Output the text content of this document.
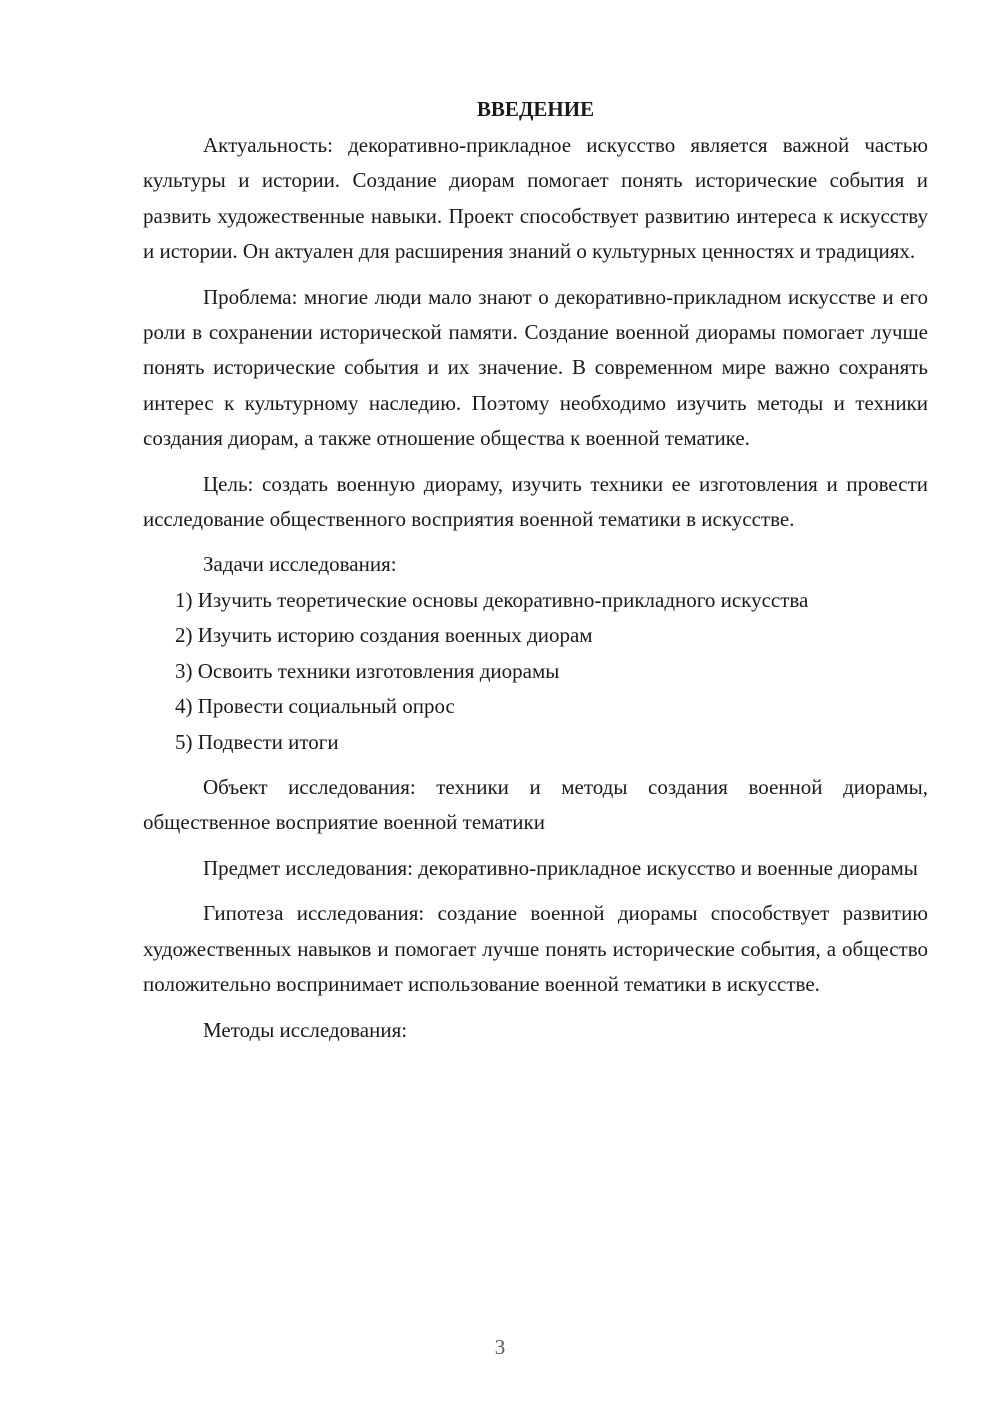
ВВЕДЕНИЕ

Актуальность: декоративно-прикладное искусство является важной частью культуры и истории. Создание диорам помогает понять исторические события и развить художественные навыки. Проект способствует развитию интереса к искусству и истории. Он актуален для расширения знаний о культурных ценностях и традициях.

Проблема: многие люди мало знают о декоративно-прикладном искусстве и его роли в сохранении исторической памяти. Создание военной диорамы помогает лучше понять исторические события и их значение. В современном мире важно сохранять интерес к культурному наследию. Поэтому необходимо изучить методы и техники создания диорам, а также отношение общества к военной тематике.

Цель: создать военную диораму, изучить техники ее изготовления и провести исследование общественного восприятия военной тематики в искусстве.

Задачи исследования:

1) Изучить теоретические основы декоративно-прикладного искусства

2) Изучить историю создания военных диорам

3) Освоить техники изготовления диорамы

4) Провести социальный опрос

5) Подвести итоги

Объект исследования: техники и методы создания военной диорамы, общественное восприятие военной тематики

Предмет исследования: декоративно-прикладное искусство и военные диорамы

Гипотеза исследования: создание военной диорамы способствует развитию художественных навыков и помогает лучше понять исторические события, а общество положительно воспринимает использование военной тематики в искусстве.

Методы исследования:

3
